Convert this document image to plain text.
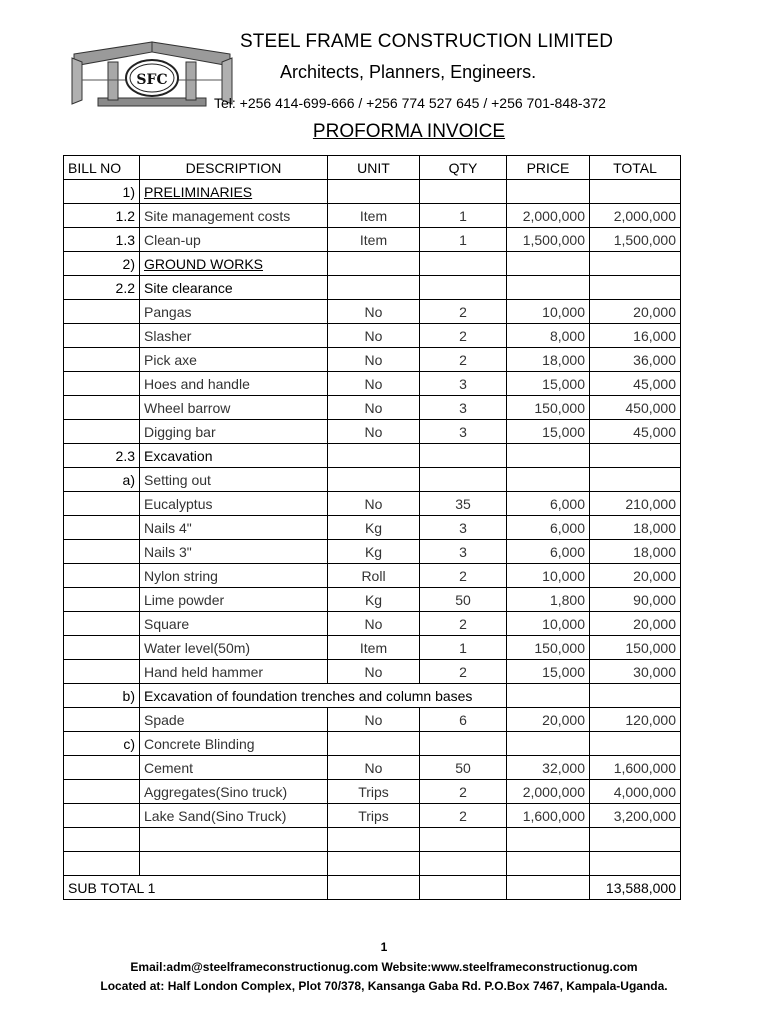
SFC
STEEL FRAME CONSTRUCTION LIMITED
Architects, Planners, Engineers.
Tel: +256 414-699-666 / +256 774 527 645 / +256 701-848-372
PROFORMA INVOICE
BILL NO	DESCRIPTION	UNIT	QTY	PRICE	TOTAL
1)	PRELIMINARIES				
1.2	Site management costs	Item	1	2,000,000	2,000,000
1.3	Clean-up	Item	1	1,500,000	1,500,000
2)	GROUND WORKS				
2.2	Site clearance				
	Pangas	No	2	10,000	20,000
	Slasher	No	2	8,000	16,000
	Pick axe	No	2	18,000	36,000
	Hoes and handle	No	3	15,000	45,000
	Wheel barrow	No	3	150,000	450,000
	Digging bar	No	3	15,000	45,000
2.3	Excavation				
a)	Setting out				
	Eucalyptus	No	35	6,000	210,000
	Nails 4"	Kg	3	6,000	18,000
	Nails 3"	Kg	3	6,000	18,000
	Nylon string	Roll	2	10,000	20,000
	Lime powder	Kg	50	1,800	90,000
	Square	No	2	10,000	20,000
	Water level(50m)	Item	1	150,000	150,000
	Hand held hammer	No	2	15,000	30,000
b)	Excavation of foundation trenches and column bases				
	Spade	No	6	20,000	120,000
c)	Concrete Blinding				
	Cement	No	50	32,000	1,600,000
	Aggregates(Sino truck)	Trips	2	2,000,000	4,000,000
	Lake Sand(Sino Truck)	Trips	2	1,600,000	3,200,000

SUB TOTAL 1					13,588,000
1
Email:adm@steelframeconstructionug.com Website:www.steelframeconstructionug.com
Located at: Half London Complex, Plot 70/378, Kansanga Gaba Rd. P.O.Box 7467, Kampala-Uganda.
